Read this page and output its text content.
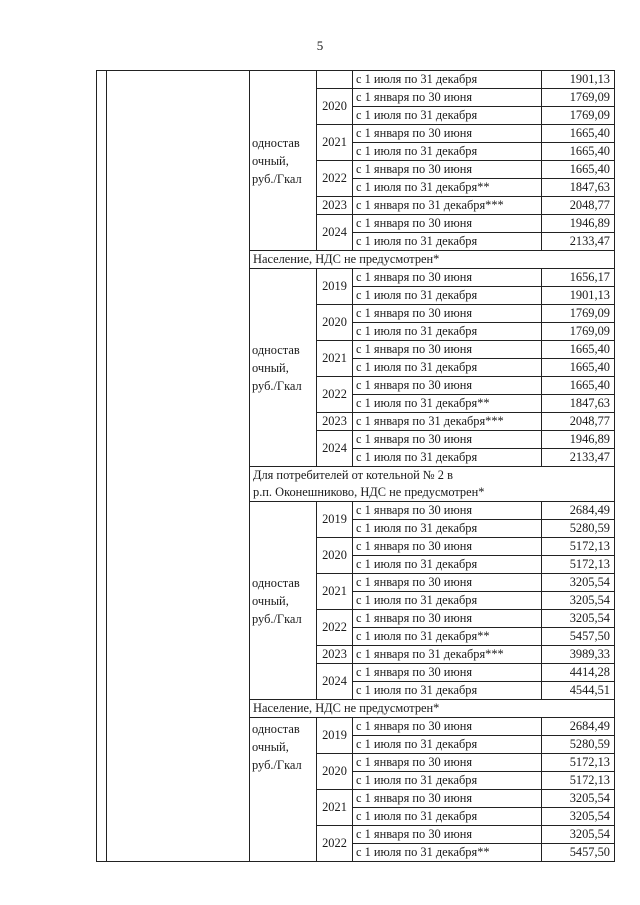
5

		одностав
очный,
руб./Гкал		с 1 июля по 31 декабря	1901,13
			2020	с 1 января по 30 июня	1769,09
				с 1 июля по 31 декабря	1769,09
			2021	с 1 января по 30 июня	1665,40
				с 1 июля по 31 декабря	1665,40
			2022	с 1 января по 30 июня	1665,40
				с 1 июля по 31 декабря**	1847,63
			2023	с 1 января по 31 декабря***	2048,77
			2024	с 1 января по 30 июня	1946,89
				с 1 июля по 31 декабря	2133,47

		Население, НДС не предусмотрен*			

		одностав
очный,
руб./Гкал	2019	с 1 января по 30 июня	1656,17
				с 1 июля по 31 декабря	1901,13
			2020	с 1 января по 30 июня	1769,09
				с 1 июля по 31 декабря	1769,09
			2021	с 1 января по 30 июня	1665,40
				с 1 июля по 31 декабря	1665,40
			2022	с 1 января по 30 июня	1665,40
				с 1 июля по 31 декабря**	1847,63
			2023	с 1 января по 31 декабря***	2048,77
			2024	с 1 января по 30 июня	1946,89
				с 1 июля по 31 декабря	2133,47

		Для потребителей от котельной № 2 в
р.п. Оконешниково, НДС не предусмотрен*			

		одностав
очный,
руб./Гкал	2019	с 1 января по 30 июня	2684,49
				с 1 июля по 31 декабря	5280,59
			2020	с 1 января по 30 июня	5172,13
				с 1 июля по 31 декабря	5172,13
			2021	с 1 января по 30 июня	3205,54
				с 1 июля по 31 декабря	3205,54
			2022	с 1 января по 30 июня	3205,54
				с 1 июля по 31 декабря**	5457,50
			2023	с 1 января по 31 декабря***	3989,33
			2024	с 1 января по 30 июня	4414,28
				с 1 июля по 31 декабря	4544,51

		Население, НДС не предусмотрен*			

		одностав
очный,
руб./Гкал	2019	с 1 января по 30 июня	2684,49
				с 1 июля по 31 декабря	5280,59
			2020	с 1 января по 30 июня	5172,13
				с 1 июля по 31 декабря	5172,13
			2021	с 1 января по 30 июня	3205,54
				с 1 июля по 31 декабря	3205,54
			2022	с 1 января по 30 июня	3205,54
				с 1 июля по 31 декабря**	5457,50
